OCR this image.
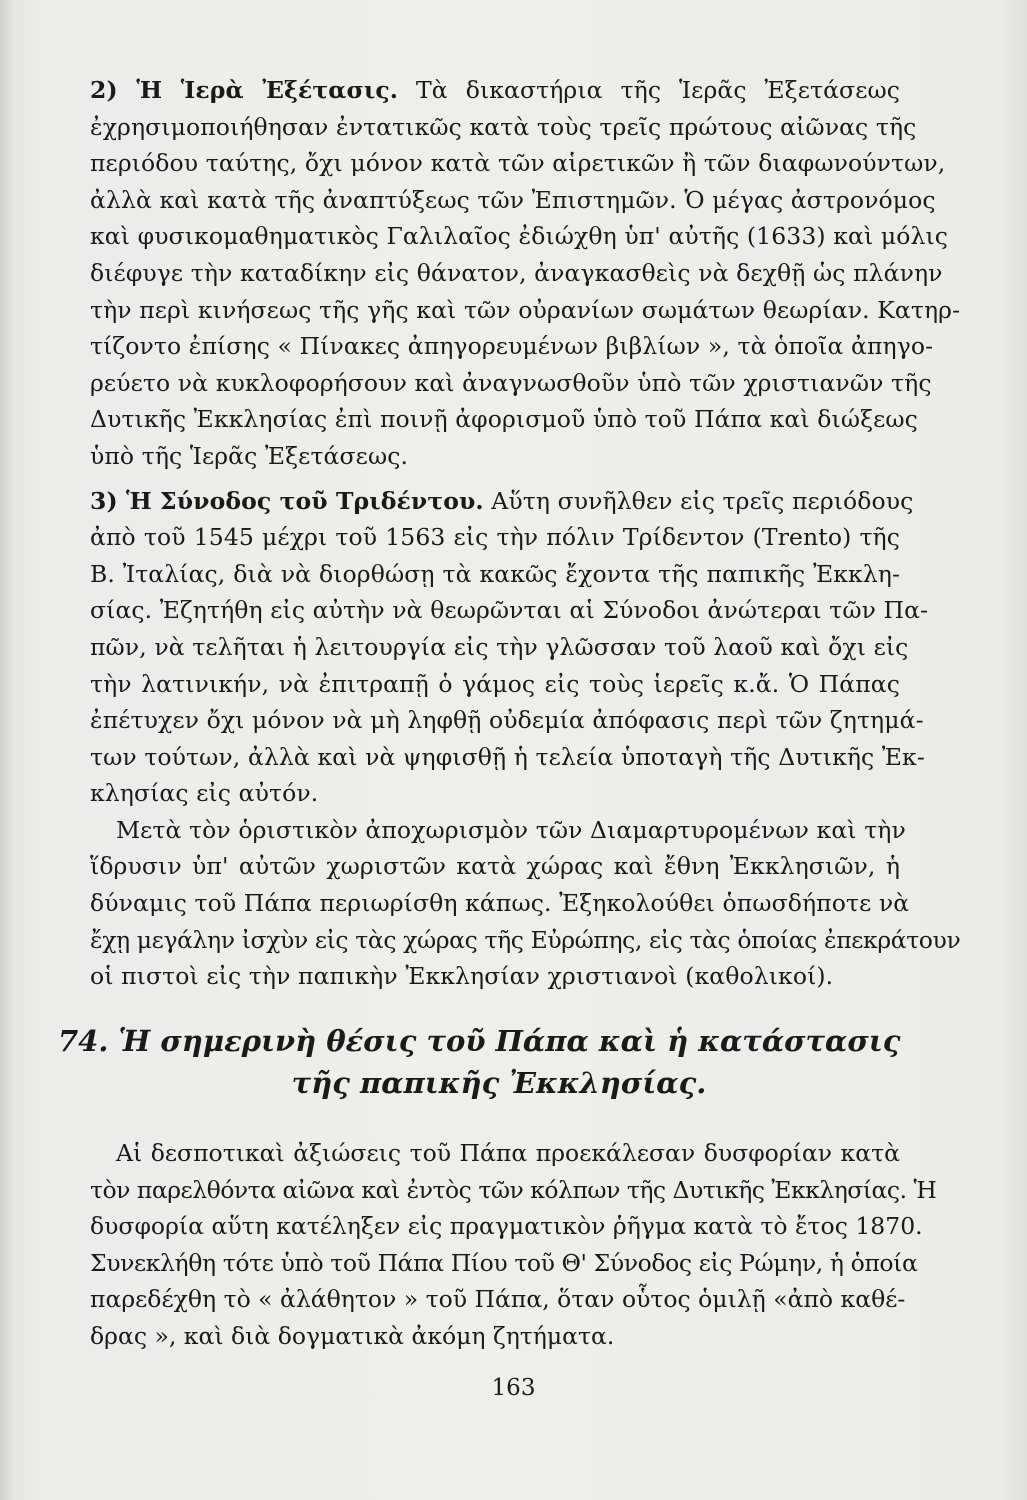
2) Ἡ Ἱερὰ Ἐξέτασις. Τὰ δικαστήρια τῆς Ἱερᾶς Ἐξετάσεως
ἐχρησιμοποιήθησαν ἐντατικῶς κατὰ τοὺς τρεῖς πρώτους αἰῶνας τῆς
περιόδου ταύτης, ὄχι μόνον κατὰ τῶν αἱρετικῶν ἢ τῶν διαφωνούντων,
ἀλλὰ καὶ κατὰ τῆς ἀναπτύξεως τῶν Ἐπιστημῶν. Ὁ μέγας ἀστρονόμος
καὶ φυσικομαθηματικὸς Γαλιλαῖος ἐδιώχθη ὑπ' αὐτῆς (1633) καὶ μόλις
διέφυγε τὴν καταδίκην εἰς θάνατον, ἀναγκασθεὶς νὰ δεχθῇ ὡς πλάνην
τὴν περὶ κινήσεως τῆς γῆς καὶ τῶν οὐρανίων σωμάτων θεωρίαν. Κατηρ-
τίζοντο ἐπίσης « Πίνακες ἀπηγορευμένων βιβλίων », τὰ ὁποῖα ἀπηγο-
ρεύετο νὰ κυκλοφορήσουν καὶ ἀναγνωσθοῦν ὑπὸ τῶν χριστιανῶν τῆς
Δυτικῆς Ἐκκλησίας ἐπὶ ποινῇ ἀφορισμοῦ ὑπὸ τοῦ Πάπα καὶ διώξεως
ὑπὸ τῆς Ἱερᾶς Ἐξετάσεως.
3) Ἡ Σύνοδος τοῦ Τριδέντου. Αὕτη συνῆλθεν εἰς τρεῖς περιόδους
ἀπὸ τοῦ 1545 μέχρι τοῦ 1563 εἰς τὴν πόλιν Τρίδεντον (Trento) τῆς
Β. Ἰταλίας, διὰ νὰ διορθώσῃ τὰ κακῶς ἔχοντα τῆς παπικῆς Ἐκκλη-
σίας. Ἐζητήθη εἰς αὐτὴν νὰ θεωρῶνται αἱ Σύνοδοι ἀνώτεραι τῶν Πα-
πῶν, νὰ τελῆται ἡ λειτουργία εἰς τὴν γλῶσσαν τοῦ λαοῦ καὶ ὄχι εἰς
τὴν λατινικήν, νὰ ἐπιτραπῇ ὁ γάμος εἰς τοὺς ἱερεῖς κ.ἄ. Ὁ Πάπας
ἐπέτυχεν ὄχι μόνον νὰ μὴ ληφθῇ οὐδεμία ἀπόφασις περὶ τῶν ζητημά-
των τούτων, ἀλλὰ καὶ νὰ ψηφισθῇ ἡ τελεία ὑποταγὴ τῆς Δυτικῆς Ἐκ-
κλησίας εἰς αὐτόν.
Μετὰ τὸν ὁριστικὸν ἀποχωρισμὸν τῶν Διαμαρτυρομένων καὶ τὴν
ἵδρυσιν ὑπ' αὐτῶν χωριστῶν κατὰ χώρας καὶ ἔθνη Ἐκκλησιῶν, ἡ
δύναμις τοῦ Πάπα περιωρίσθη κάπως. Ἐξηκολούθει ὁπωσδήποτε νὰ
ἔχῃ μεγάλην ἰσχὺν εἰς τὰς χώρας τῆς Εὐρώπης, εἰς τὰς ὁποίας ἐπεκράτουν
οἱ πιστοὶ εἰς τὴν παπικὴν Ἐκκλησίαν χριστιανοὶ (καθολικοί).
74. Ἡ σημερινὴ θέσις τοῦ Πάπα καὶ ἡ κατάστασις
τῆς παπικῆς Ἐκκλησίας.
Αἱ δεσποτικαὶ ἀξιώσεις τοῦ Πάπα προεκάλεσαν δυσφορίαν κατὰ
τὸν παρελθόντα αἰῶνα καὶ ἐντὸς τῶν κόλπων τῆς Δυτικῆς Ἐκκλησίας. Ἡ
δυσφορία αὕτη κατέληξεν εἰς πραγματικὸν ῥῆγμα κατὰ τὸ ἔτος 1870.
Συνεκλήθη τότε ὑπὸ τοῦ Πάπα Πίου τοῦ Θ' Σύνοδος εἰς Ρώμην, ἡ ὁποία
παρεδέχθη τὸ « ἀλάθητον » τοῦ Πάπα, ὅταν οὗτος ὁμιλῇ «ἀπὸ καθέ-
δρας », καὶ διὰ δογματικὰ ἀκόμη ζητήματα.
163
